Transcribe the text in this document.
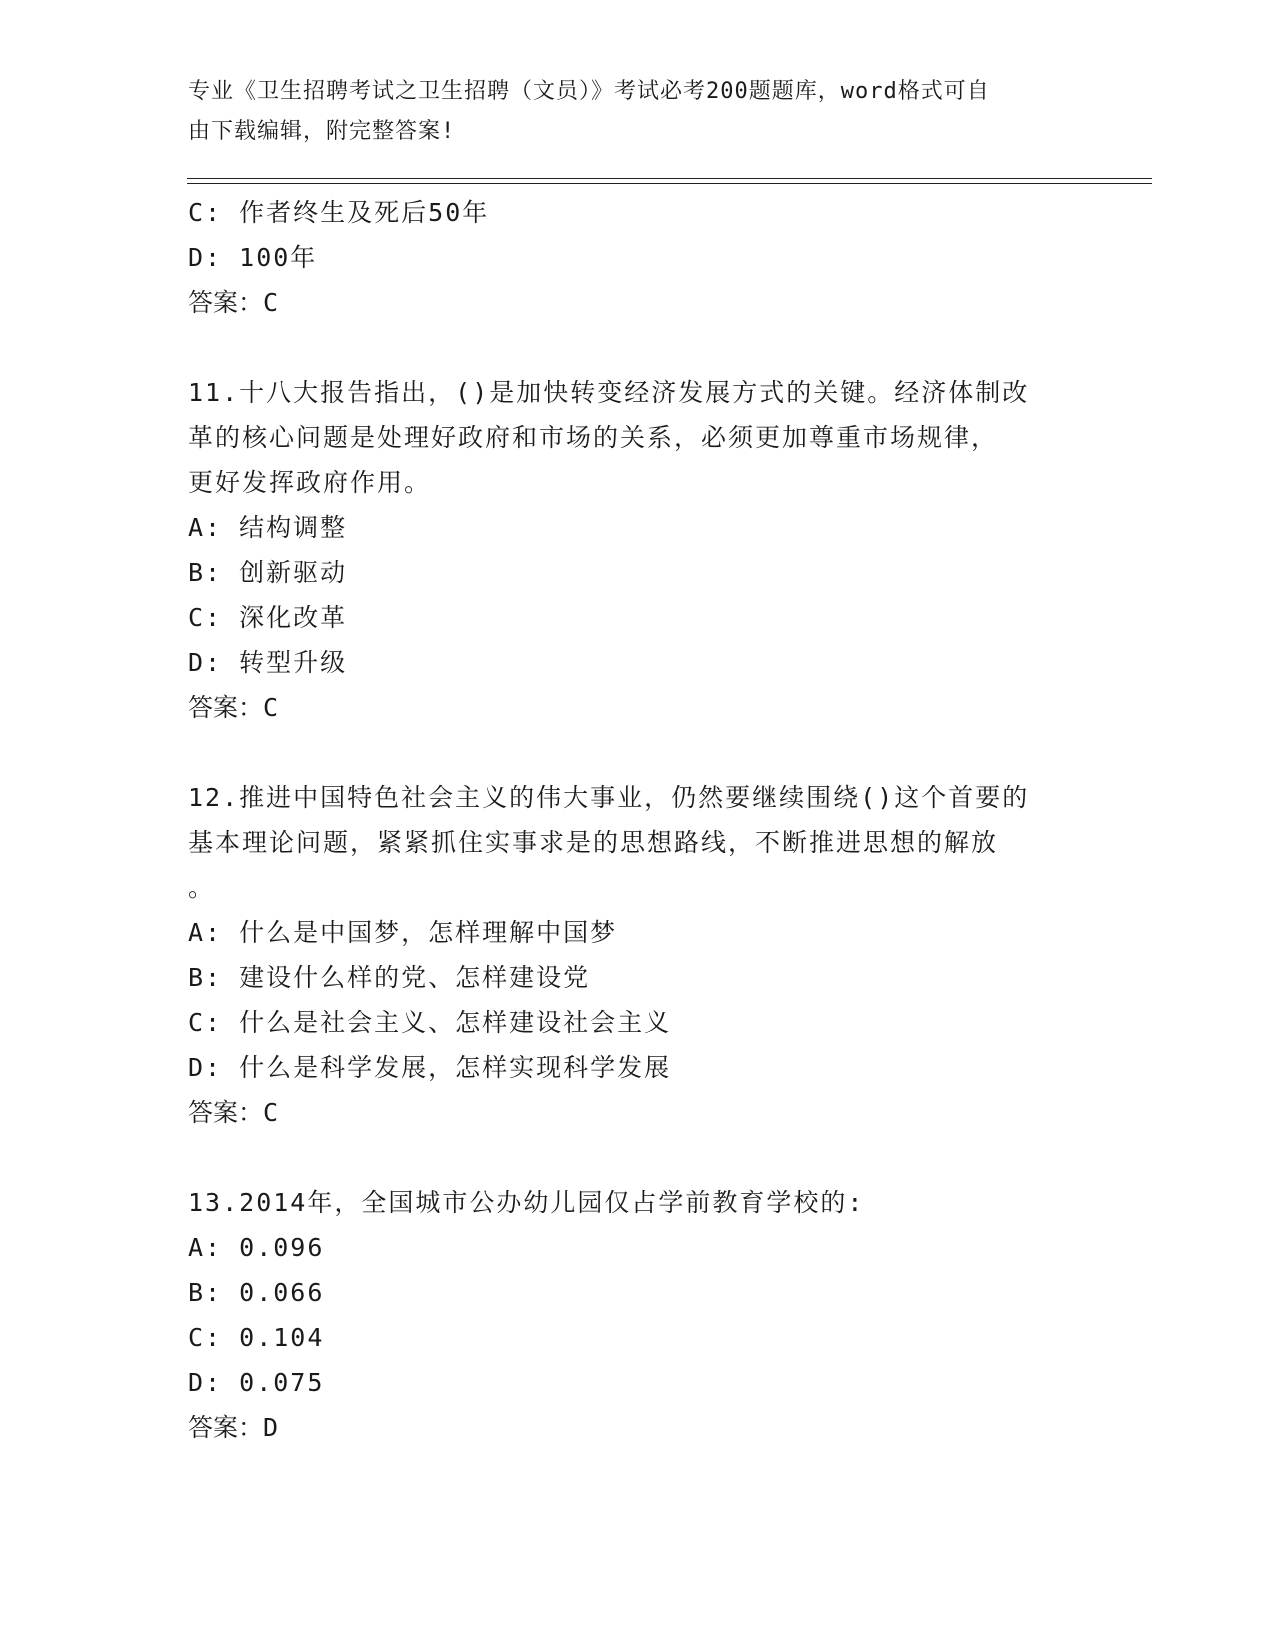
专业《卫生招聘考试之卫生招聘（文员）》考试必考200题题库，word格式可自
由下载编辑，附完整答案!
C: 作者终生及死后50年
D: 100年
答案：C
11.十八大报告指出，()是加快转变经济发展方式的关键。经济体制改
革的核心问题是处理好政府和市场的关系，必须更加尊重市场规律，
更好发挥政府作用。
A: 结构调整
B: 创新驱动
C: 深化改革
D: 转型升级
答案：C
12.推进中国特色社会主义的伟大事业，仍然要继续围绕()这个首要的
基本理论问题，紧紧抓住实事求是的思想路线，不断推进思想的解放
。
A: 什么是中国梦，怎样理解中国梦
B: 建设什么样的党、怎样建设党
C: 什么是社会主义、怎样建设社会主义
D: 什么是科学发展，怎样实现科学发展
答案：C
13.2014年，全国城市公办幼儿园仅占学前教育学校的:
A: 0.096
B: 0.066
C: 0.104
D: 0.075
答案：D
